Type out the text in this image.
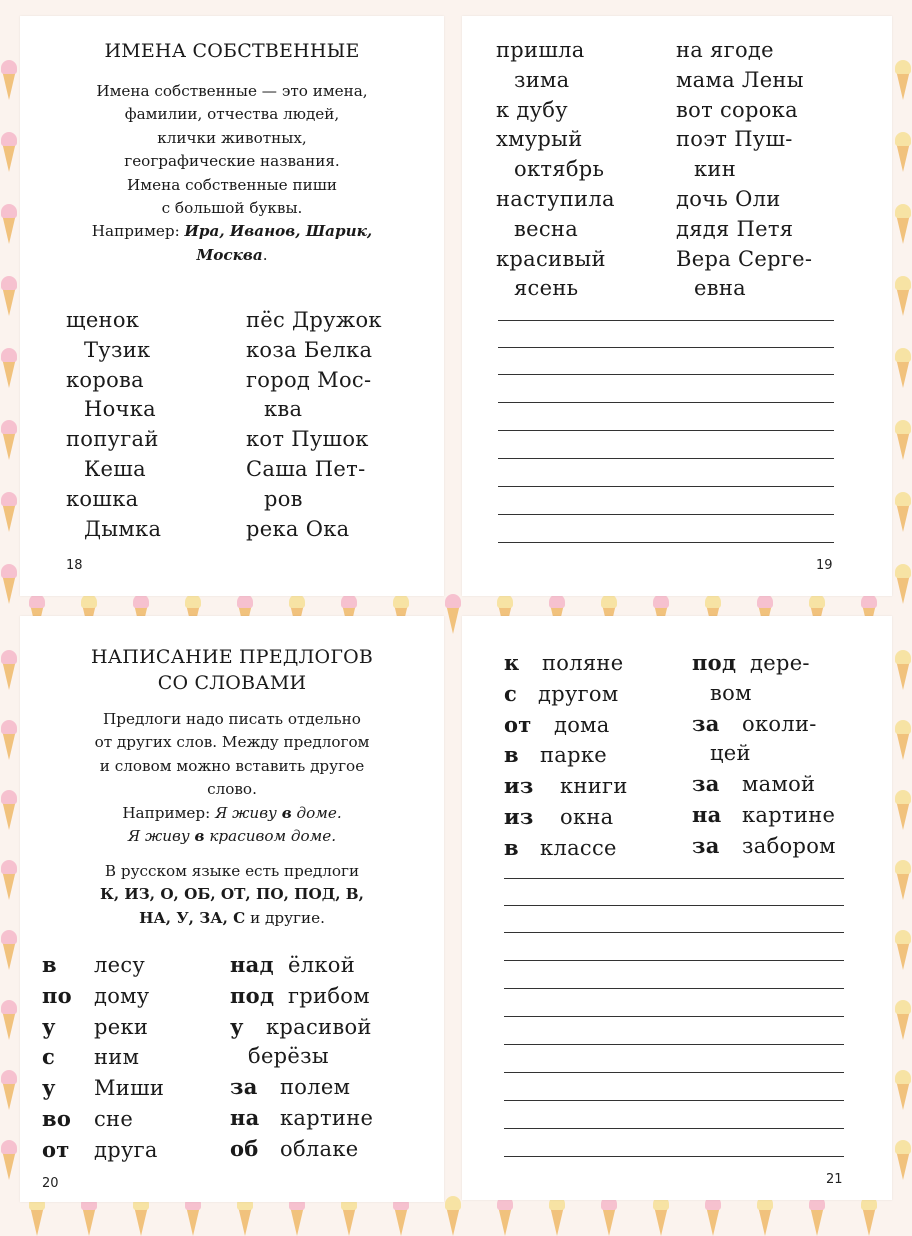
ИМЕНА СОБСТВЕННЫЕ
Имена собственные — это имена,
фамилии, отчества людей,
клички животных,
географические названия.
Имена собственные пиши
с большой буквы.
Например: Ира, Иванов, Шарик,
Москва.
щенок
Тузик
корова
Ночка
попугай
Кеша
кошка
Дымка
пёс Дружок
коза Белка
город Мос-
ква
кот Пушок
Саша Пет-
ров
река Ока
18
пришла
зима
к дубу
хмурый
октябрь
наступила
весна
красивый
ясень
на ягоде
мама Лены
вот сорока
поэт Пуш-
кин
дочь Оли
дядя Петя
Вера Серге-
евна
19
НАПИСАНИЕ ПРЕДЛОГОВ
СО СЛОВАМИ
Предлоги надо писать отдельно
от других слов. Между предлогом
и словом можно вставить другое
слово.
Например: Я живу в доме.
Я живу в красивом доме.
В русском языке есть предлоги
К, ИЗ, О, ОБ, ОТ, ПО, ПОД, В,
НА, У, ЗА, С и другие.
в лесу
по дому
у реки
с ним
у Миши
во сне
от друга
над ёлкой
под грибом
у красивой
берёзы
за полем
на картине
об облаке
20
к поляне
с другом
от дома
в парке
из книги
из окна
в классе
под дере-
вом
за околи-
цей
за мамой
на картине
за забором
21
